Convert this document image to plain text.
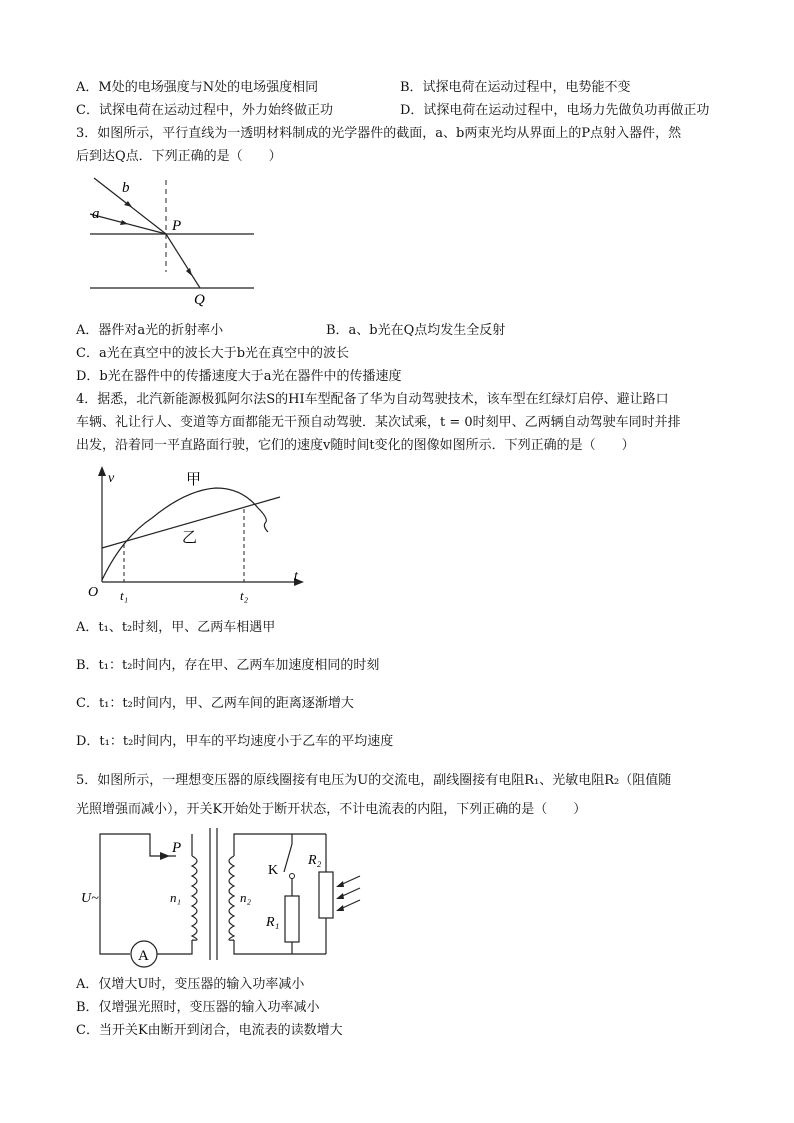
A．M处的电场强度与N处的电场强度相同	B．试探电荷在运动过程中，电势能不变
C．试探电荷在运动过程中，外力始终做正功	D．试探电荷在运动过程中，电场力先做负功再做正功
3．如图所示，平行直线为一透明材料制成的光学器件的截面，a、b两束光均从界面上的P点射入器件，然
后到达Q点．下列正确的是（　　）
b
a
P
Q
A．器件对a光的折射率小	B．a、b光在Q点均发生全反射
C．a光在真空中的波长大于b光在真空中的波长
D．b光在器件中的传播速度大于a光在器件中的传播速度
4．据悉，北汽新能源极狐阿尔法S的HI车型配备了华为自动驾驶技术，该车型在红绿灯启停、避让路口
车辆、礼让行人、变道等方面都能无干预自动驾驶．某次试乘，t = 0时刻甲、乙两辆自动驾驶车同时并排
出发，沿着同一平直路面行驶，它们的速度v随时间t变化的图像如图所示．下列正确的是（　　）
v
t
O t₁	t₂
甲
乙
A．t₁、t₂时刻，甲、乙两车相遇甲
B．t₁：t₂时间内，存在甲、乙两车加速度相同的时刻
C．t₁：t₂时间内，甲、乙两车间的距离逐渐增大
D．t₁：t₂时间内，甲车的平均速度小于乙车的平均速度
5．如图所示，一理想变压器的原线圈接有电压为U的交流电，副线圈接有电阻R₁、光敏电阻R₂（阻值随
光照增强而减小），开关K开始处于断开状态，不计电流表的内阻，下列正确的是（　　）
A
U~
P
n₁	n₂
K
R₁
R₂
A．仅增大U时，变压器的输入功率减小
B．仅增强光照时，变压器的输入功率减小
C．当开关K由断开到闭合，电流表的读数增大
